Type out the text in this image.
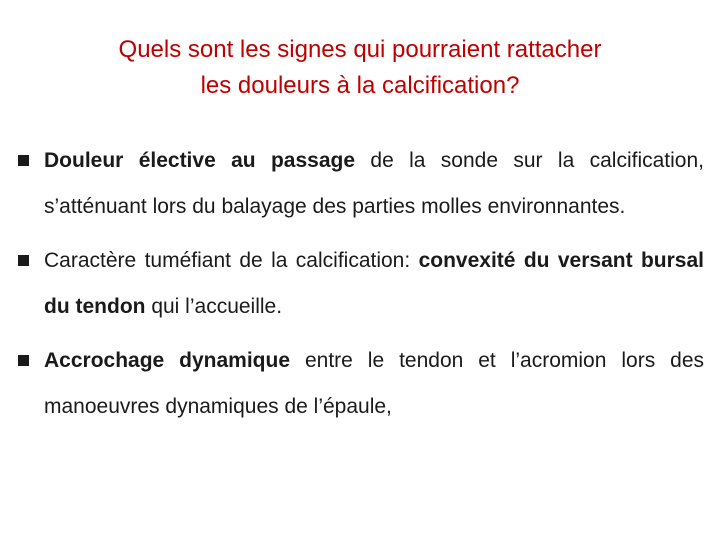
Quels sont les signes qui pourraient rattacher
les douleurs à la calcification?
Douleur élective au passage de la sonde sur la calcification, s’atténuant lors du balayage des parties molles environnantes.
Caractère tuméfiant de la calcification: convexité du versant bursal du tendon qui l’accueille.
Accrochage dynamique entre le tendon et l’acromion lors des manoeuvres dynamiques de l’épaule,
